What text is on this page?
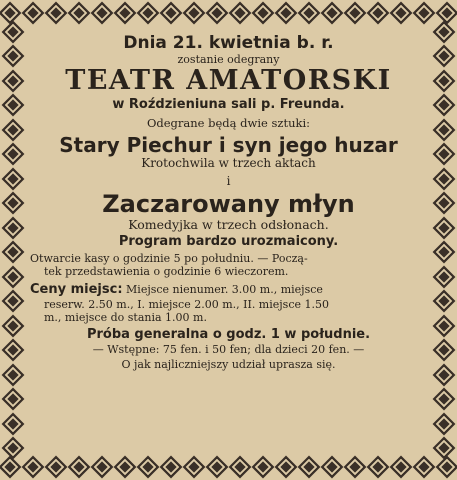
Dnia 21. kwietnia b. r.

zostanie odegrany

TEATR AMATORSKI

w Roździeniuna sali p. Freunda.

Odegrane będą dwie sztuki:

Stary Piechur i syn jego huzar

Krotochwila w trzech aktach

i

Zaczarowany młyn

Komedyjka w trzech odsłonach.

Program bardzo urozmaicony.

Otwarcie kasy o godzinie 5 po południu. — Począ-

tek przedstawienia o godzinie 6 wieczorem.

Ceny miejsc: Miejsce nienumer. 3.00 m., miejsce

reserw. 2.50 m., I. miejsce 2.00 m., II. miejsce 1.50

m., miejsce do stania 1.00 m.

Próba generalna o godz. 1 w południe.

— Wstępne: 75 fen. i 50 fen; dla dzieci 20 fen. —

O jak najliczniejszy udział uprasza się.
